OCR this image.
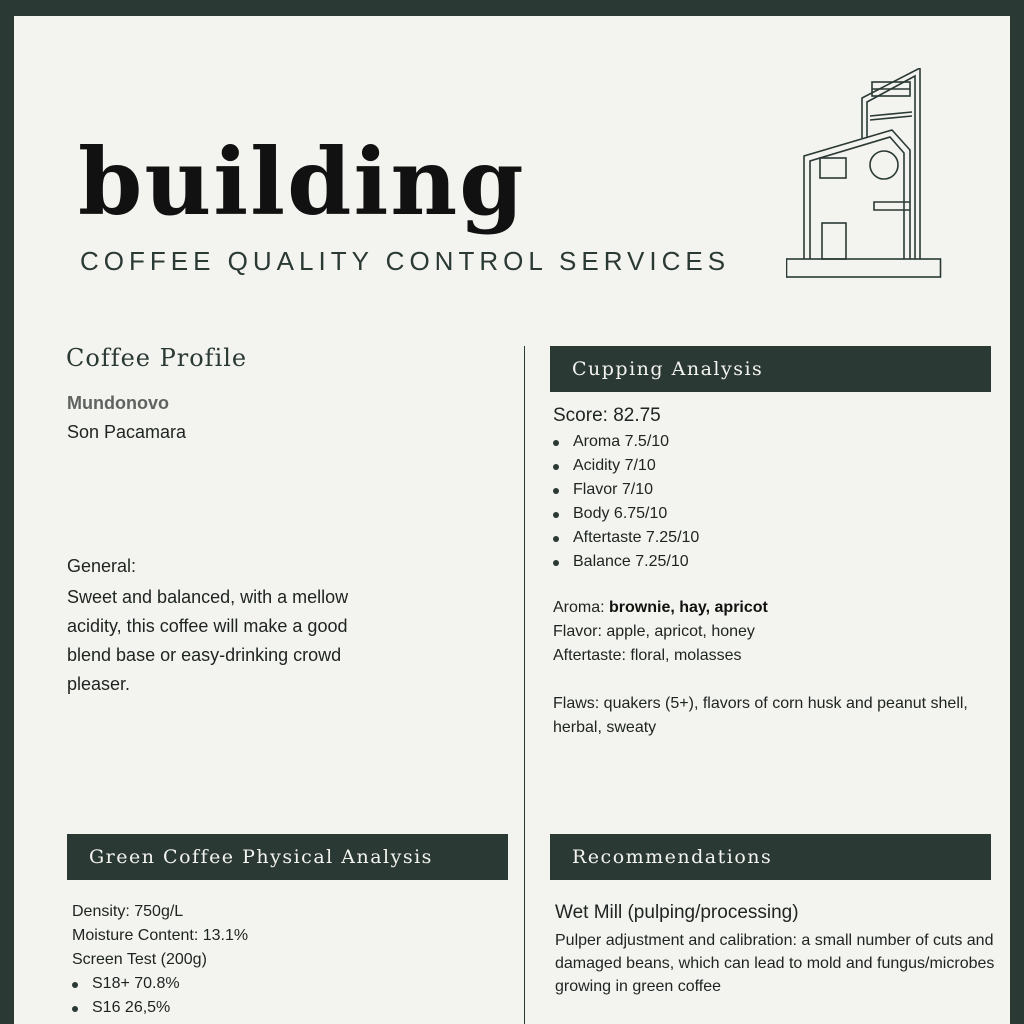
building
COFFEE QUALITY CONTROL SERVICES
Coffee Profile
Mundonovo
Son Pacamara
General:
Sweet and balanced, with a mellow acidity, this coffee will make a good blend base or easy-drinking crowd pleaser.
Cupping Analysis
Score: 82.75
Aroma 7.5/10
Acidity 7/10
Flavor 7/10
Body 6.75/10
Aftertaste 7.25/10
Balance 7.25/10
Aroma: brownie, hay, apricot
Flavor: apple, apricot, honey
Aftertaste: floral, molasses
Flaws: quakers (5+), flavors of corn husk and peanut shell, herbal, sweaty
Green Coffee Physical Analysis
Density: 750g/L
Moisture Content: 13.1%
Screen Test (200g)
S18+ 70.8%
S16 26,5%
Recommendations
Wet Mill (pulping/processing)
Pulper adjustment and calibration: a small number of cuts and damaged beans, which can lead to mold and fungus/microbes growing in green coffee
